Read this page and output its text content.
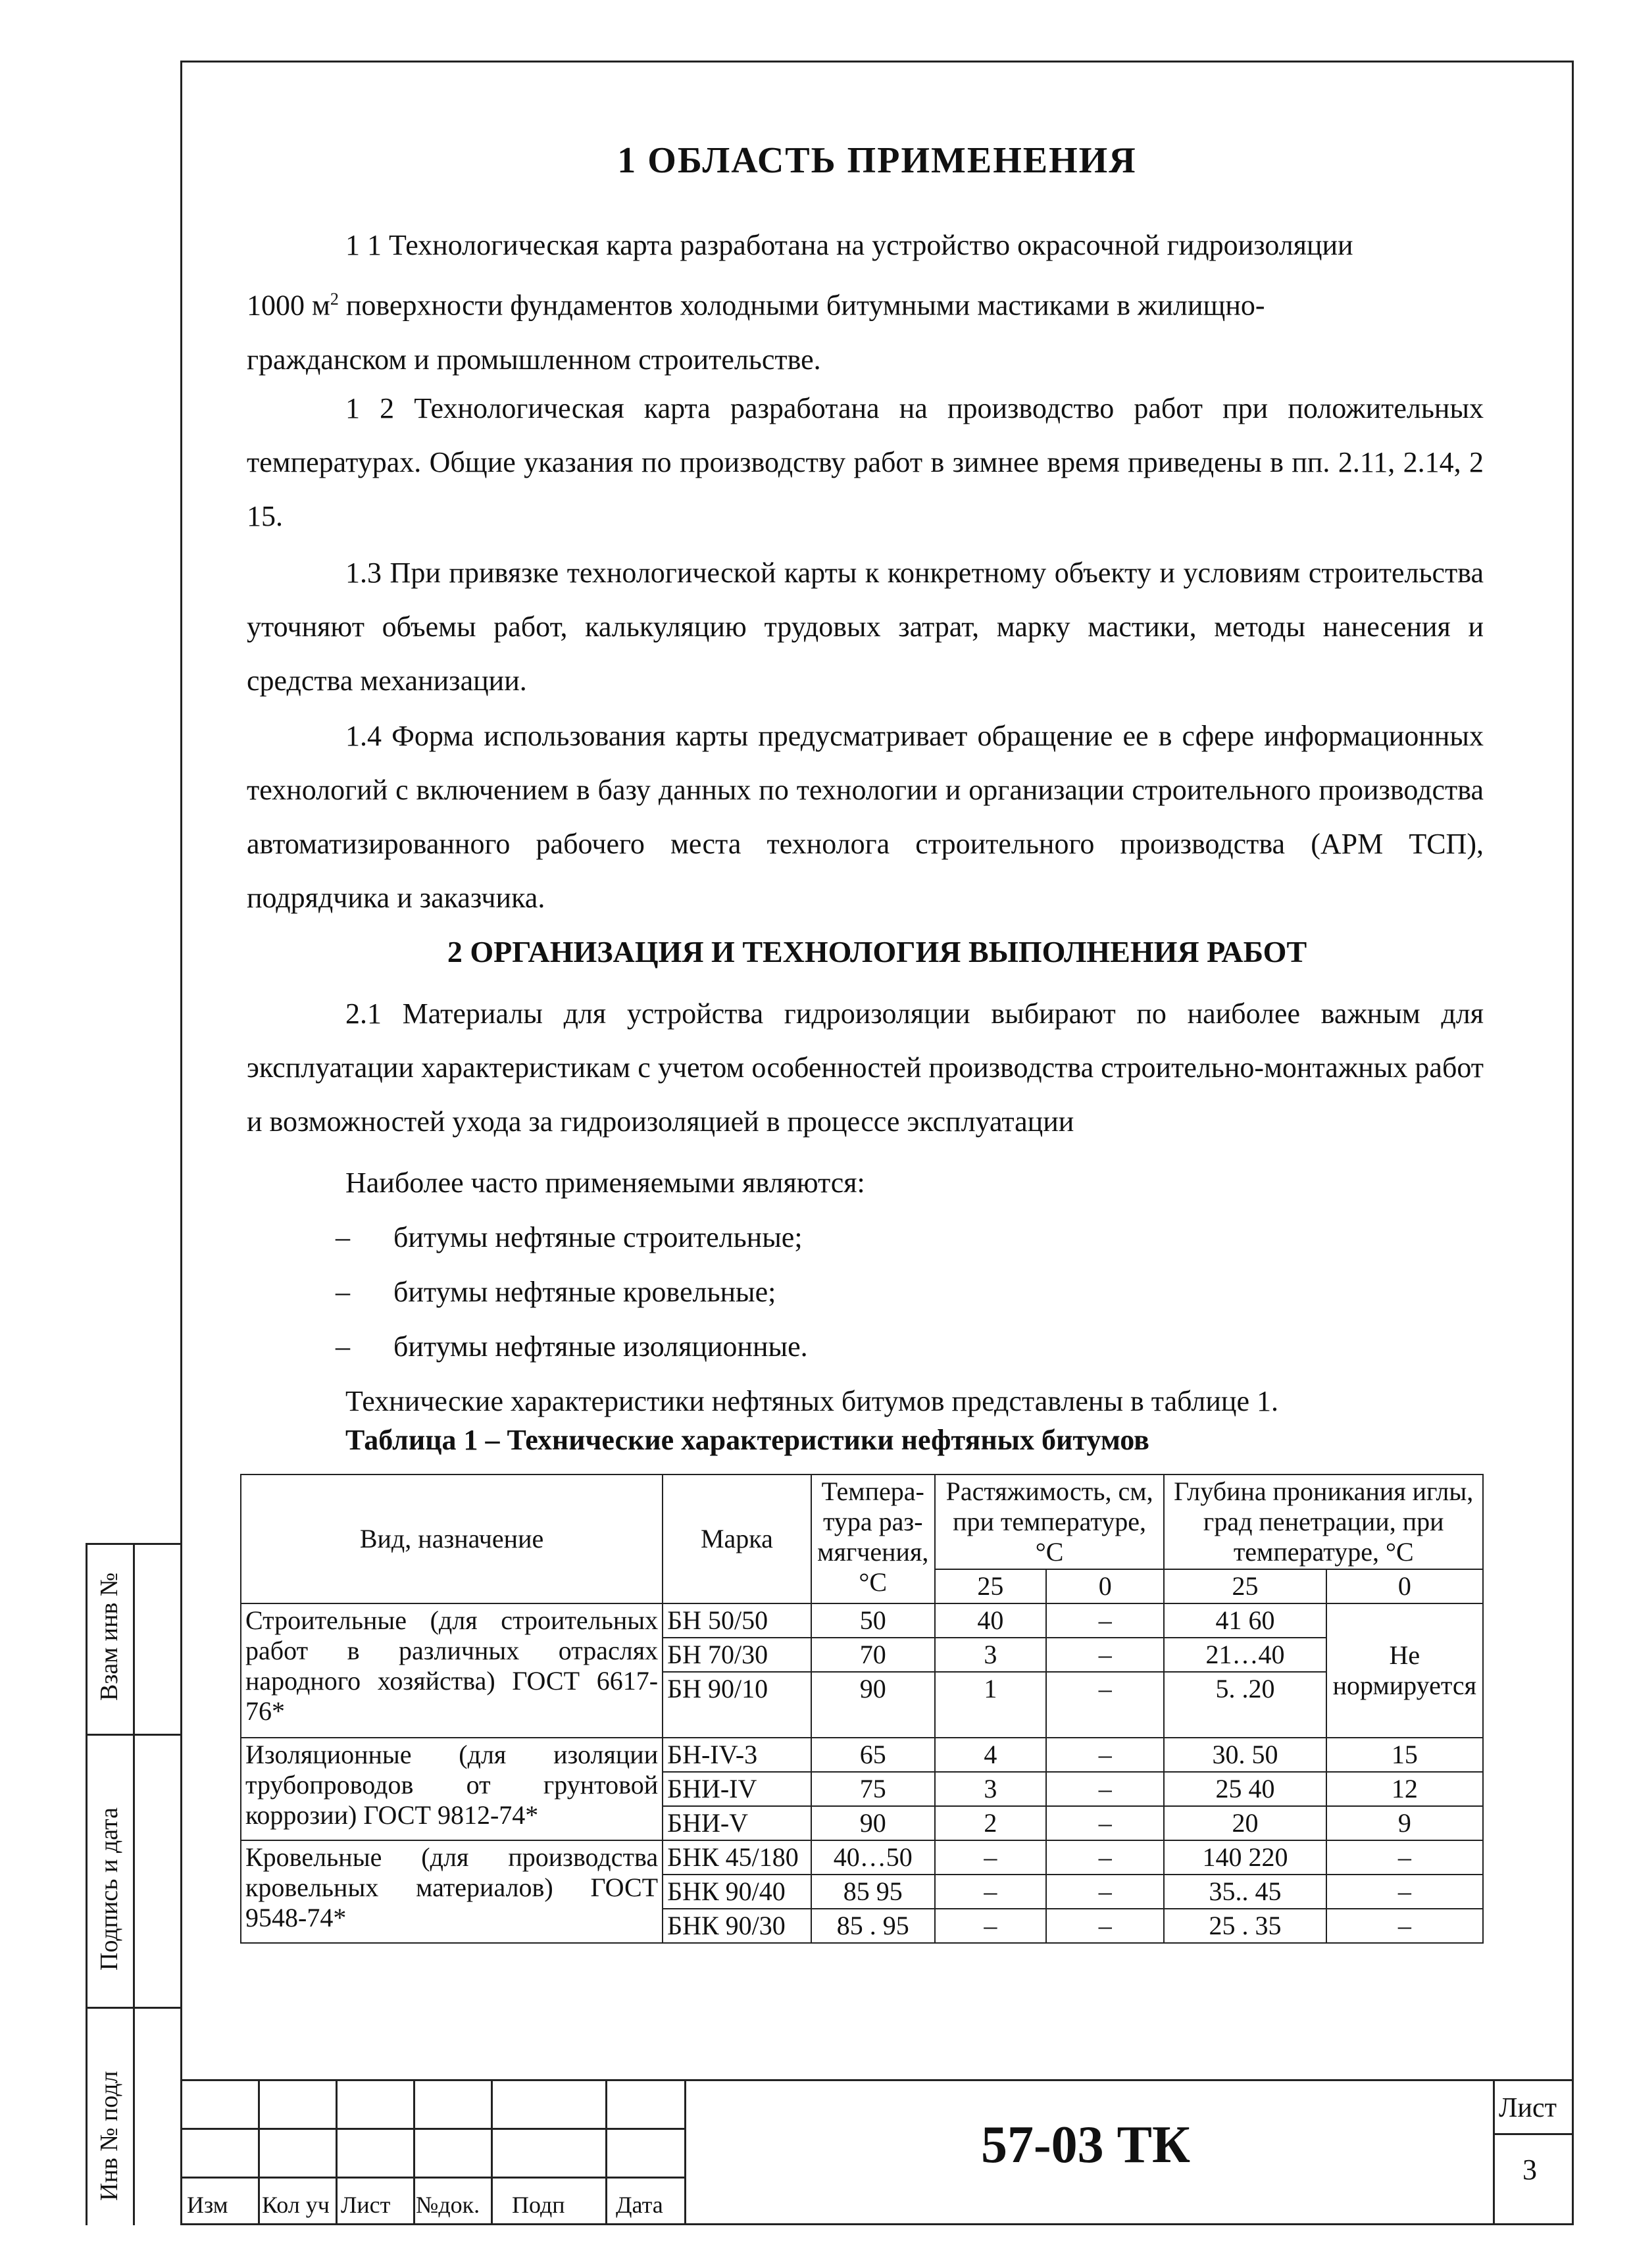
1 ОБЛАСТЬ ПРИМЕНЕНИЯ
1 1 Технологическая карта разработана на устройство окрасочной гидроизоляции
1000 $м^2$ поверхности фундаментов холодными битумными мастиками в жилищно-
гражданском и промышленном строительстве.
1 2 Технологическая карта разработана на производство работ при положительных температурах. Общие указания по производству работ в зимнее время приведены в пп. 2.11, 2.14, 2 15.
1.3 При привязке технологической карты к конкретному объекту и условиям строительства уточняют объемы работ, калькуляцию трудовых затрат, марку мастики, методы нанесения и средства механизации.
1.4 Форма использования карты предусматривает обращение ее в сфере информационных технологий с включением в базу данных по технологии и организации строительного производства автоматизированного рабочего места технолога строительного производства (АРМ ТСП), подрядчика и заказчика.
2 ОРГАНИЗАЦИЯ И ТЕХНОЛОГИЯ ВЫПОЛНЕНИЯ РАБОТ
2.1 Материалы для устройства гидроизоляции выбирают по наиболее важным для эксплуатации характеристикам с учетом особенностей производства строительно-монтажных работ и возможностей ухода за гидроизоляцией в процессе эксплуатации
Наиболее часто применяемыми являются:
– битумы нефтяные строительные;
– битумы нефтяные кровельные;
– битумы нефтяные изоляционные.
Технические характеристики нефтяных битумов представлены в таблице 1.
Таблица 1 – Технические характеристики нефтяных битумов
Вид, назначение	Марка	Темпера-тура раз-мягчения, °С	Растяжимость, см, при температуре, °С		Глубина проникания иглы, град пенетрации, при температуре, °С	
			25	0	25	0
Строительные (для строительных работ в различных отраслях народного хозяйства) ГОСТ 6617-76*	БН 50/50	50	40	–	41 60	Не нормируется
	БН 70/30	70	3	–	21…40	
	БН 90/10	90	1	–	5. .20	
Изоляционные (для изоляции трубопроводов от грунтовой коррозии) ГОСТ 9812-74*	БН-IV-3	65	4	–	30. 50	15
	БНИ-IV	75	3	–	25 40	12
	БНИ-V	90	2	–	20	9
Кровельные (для производства кровельных материалов) ГОСТ 9548-74*	БНК 45/180	40…50	–	–	140 220	–
	БНК 90/40	85 95	–	–	35.. 45	–
	БНК 90/30	85 . 95	–	–	25 . 35	–
Взам инв №
Подпись и дата
Инв № подл
Изм Кол уч Лист №док. Подп Дата
Лист
3
57-03 ТК
